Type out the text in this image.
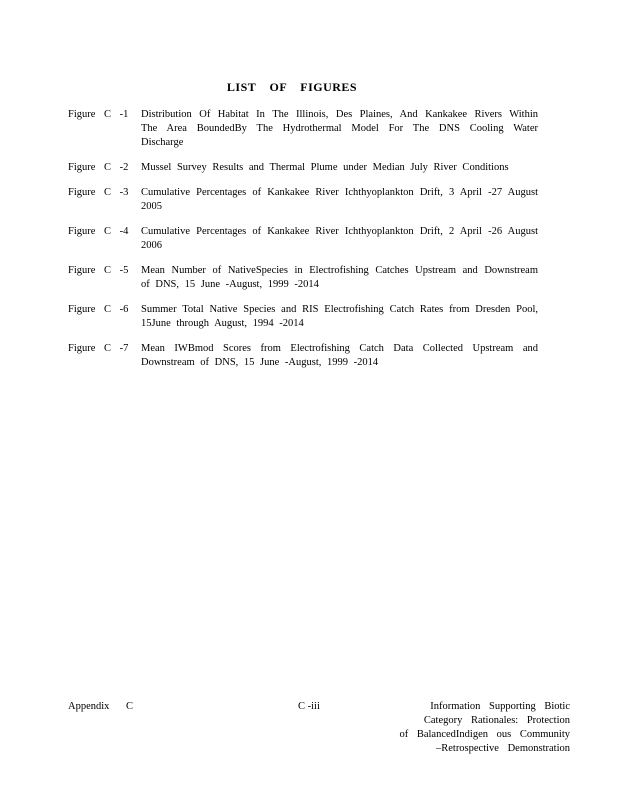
LIST OF FIGURES
Figure C -1	Distribution Of Habitat In The Illinois, Des Plaines, And Kankakee Rivers Within The Area BoundedBy The Hydrothermal Model For The DNS Cooling Water Discharge
Figure C -2	Mussel Survey Results and Thermal Plume under Median July River Conditions
Figure C -3	Cumulative Percentages of Kankakee River Ichthyoplankton Drift, 3 April -27 August 2005
Figure C -4	Cumulative Percentages of Kankakee River Ichthyoplankton Drift, 2 April -26 August 2006
Figure C -5	Mean Number of NativeSpecies in Electrofishing Catches Upstream and Downstream of DNS, 15 June -August, 1999 -2014
Figure C -6	Summer Total Native Species and RIS Electrofishing Catch Rates from Dresden Pool, 15June through August, 1994 -2014
Figure C -7	Mean IWBmod Scores from Electrofishing Catch Data Collected Upstream and Downstream of DNS, 15 June -August, 1999 -2014
Appendix C	C -iii	Information Supporting Biotic
Category Rationales: Protection
of BalancedIndigen ous Community
–Retrospective Demonstration
